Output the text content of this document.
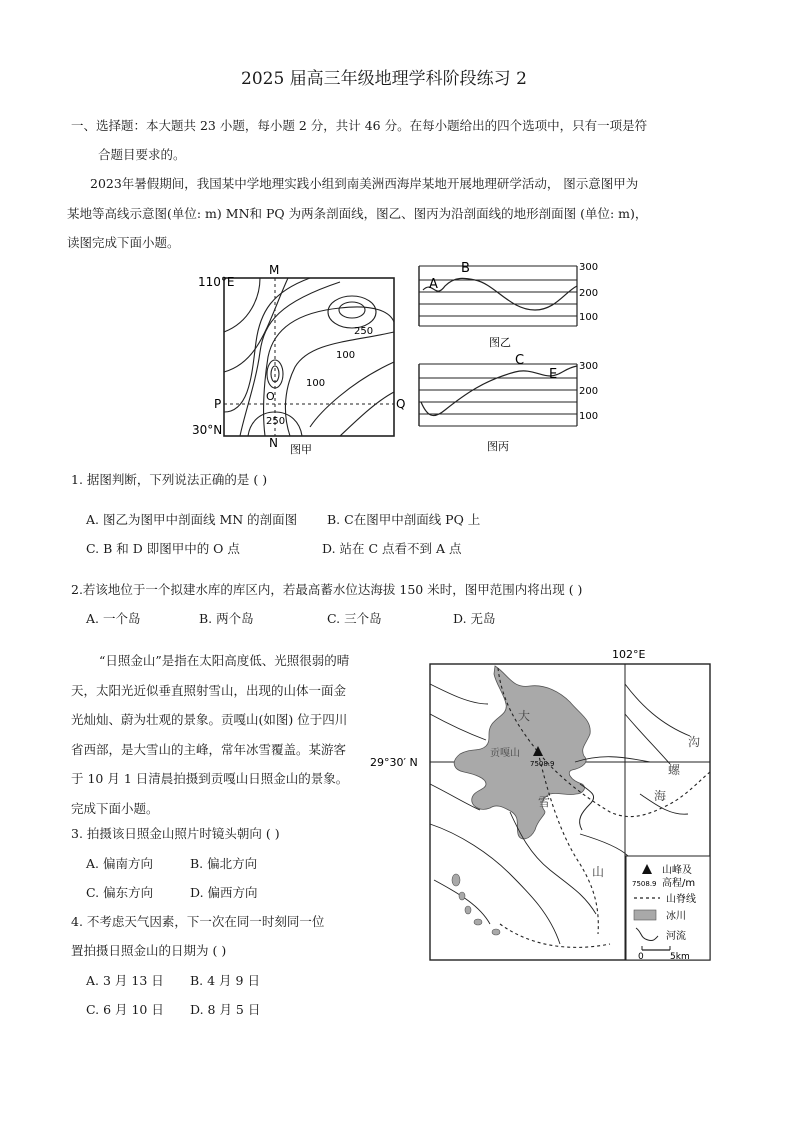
2025 届高三年级地理学科阶段练习 2
一、选择题：本大题共 23 小题，每小题 2 分，共计 46 分。在每小题给出的四个选项中，只有一项是符
合题目要求的。
2023年暑假期间，我国某中学地理实践小组到南美洲西海岸某地开展地理研学活动， 图示意图甲为
某地等高线示意图(单位: m) MN和 PQ 为两条剖面线，图乙、图丙为沿剖面线的地形剖面图 (单位: m)，
读图完成下面小题。
110°E
M
N
P	Q
O
30°N
250
100
100
250
图甲
A
B	300
200
100
图乙
C
E
300
200
100
图丙
1. 据图判断，下列说法正确的是 ( )
A. 图乙为图甲中剖面线 MN 的剖面图 B. C在图甲中剖面线 PQ 上
C. B 和 D 即图甲中的 O 点	D. 站在 C 点看不到 A 点
2.若该地位于一个拟建水库的库区内，若最高蓄水位达海拔 150 米时，图甲范围内将出现 ( )
A. 一个岛	B. 两个岛	C. 三个岛	D. 无岛
“日照金山”是指在太阳高度低、光照很弱的晴天，太阳光近似垂直照射雪山，出现的山体一面金光灿灿、蔚为壮观的景象。贡嘎山(如图) 位于四川省西部，是大雪山的主峰，常年冰雪覆盖。某游客于 10 月 1 日清晨拍摄到贡嘎山日照金山的景象。完成下面小题。
3. 拍摄该日照金山照片时镜头朝向 ( )
A. 偏南方向	B. 偏北方向
C. 偏东方向	D. 偏西方向
4. 不考虑天气因素，下一次在同一时刻同一位
置拍摄日照金山的日期为 ( )
A. 3 月 13 日 B. 4 月 9 日
C. 6 月 10 日 D. 8 月 5 日
贡嘎山
7508.9
大
雪
山
沟
螺
海
102°E
29°30′ N
山峰及
高程/m
7508.9
山脊线
冰川
河流
0	5km
